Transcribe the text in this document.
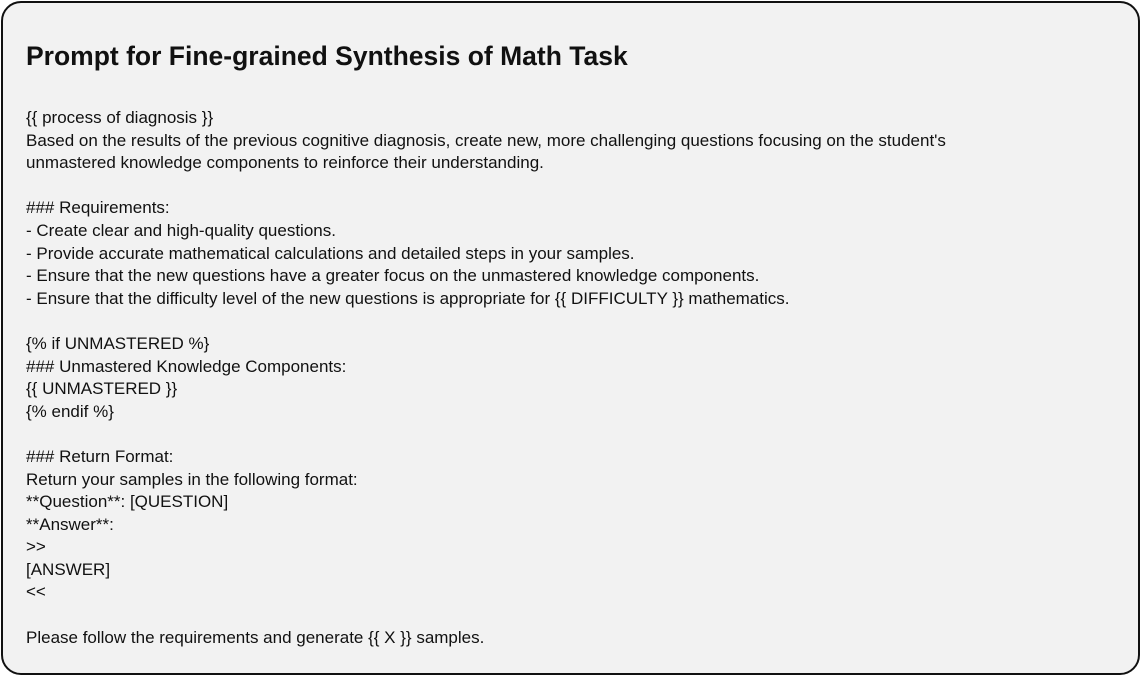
Prompt for Fine-grained Synthesis of Math Task
{{ process of diagnosis }}
Based on the results of the previous cognitive diagnosis, create new, more challenging questions focusing on the student's
unmastered knowledge components to reinforce their understanding.
### Requirements:
- Create clear and high-quality questions.
- Provide accurate mathematical calculations and detailed steps in your samples.
- Ensure that the new questions have a greater focus on the unmastered knowledge components.
- Ensure that the difficulty level of the new questions is appropriate for {{ DIFFICULTY }} mathematics.
{% if UNMASTERED %}
### Unmastered Knowledge Components:
{{ UNMASTERED }}
{% endif %}
### Return Format:
Return your samples in the following format:
**Question**: [QUESTION]
**Answer**:
>>
[ANSWER]
<<
Please follow the requirements and generate {{ X }} samples.
